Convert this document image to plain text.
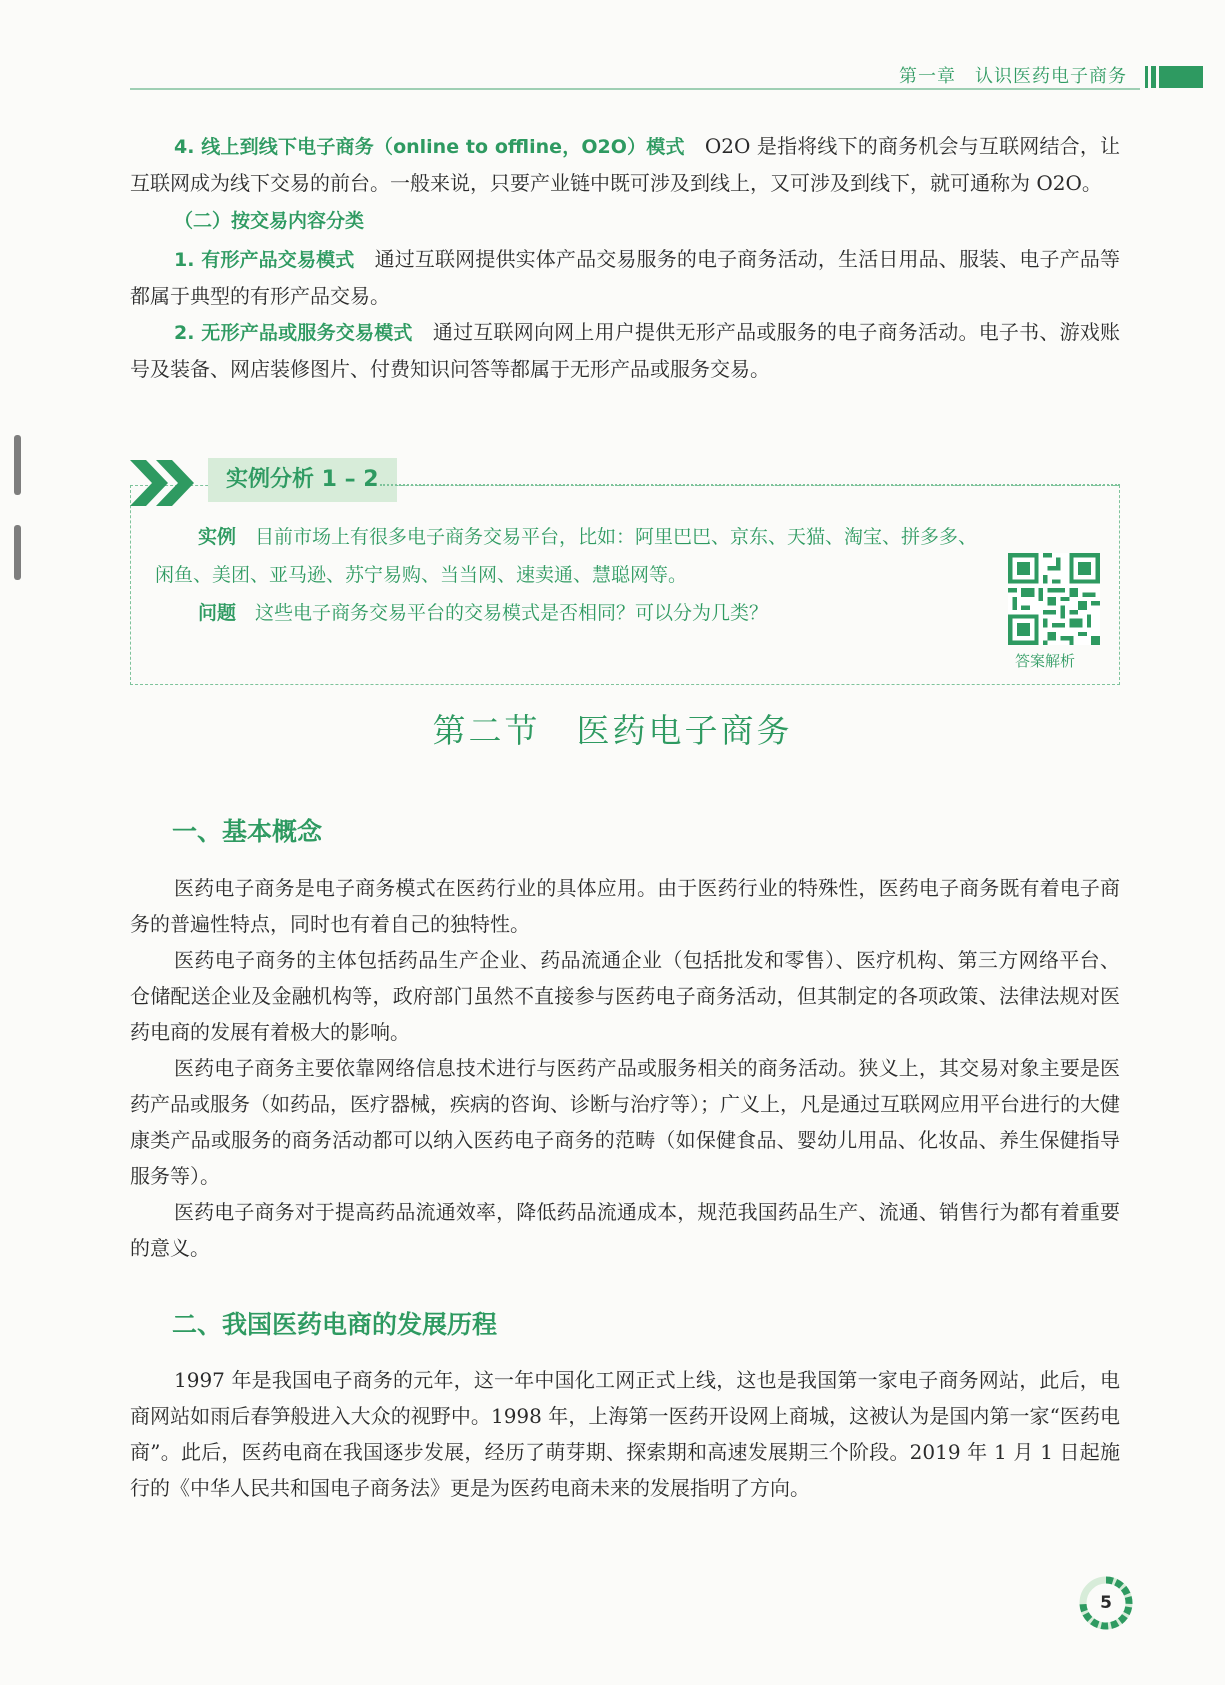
第一章　认识医药电子商务

4. 线上到线下电子商务（online to offline，O2O）模式　 O2O 是指将线下的商务机会与互联网结合，让互联网成为线下交易的前台。一般来说，只要产业链中既可涉及到线上，又可涉及到线下，就可通称为 O2O。

（二）按交易内容分类

1. 有形产品交易模式　 通过互联网提供实体产品交易服务的电子商务活动，生活日用品、服装、电子产品等都属于典型的有形产品交易。

2. 无形产品或服务交易模式　 通过互联网向网上用户提供无形产品或服务的电子商务活动。电子书、游戏账号及装备、网店装修图片、付费知识问答等都属于无形产品或服务交易。

实例分析 1 – 2
实例　 目前市场上有很多电子商务交易平台，比如：阿里巴巴、京东、天猫、淘宝、拼多多、
闲鱼、美团、亚马逊、苏宁易购、当当网、速卖通、慧聪网等。
问题　 这些电子商务交易平台的交易模式是否相同？可以分为几类？
答案解析
第二节　医药电子商务
一、基本概念

医药电子商务是电子商务模式在医药行业的具体应用。由于医药行业的特殊性，医药电子商务既有着电子商务的普遍性特点，同时也有着自己的独特性。

医药电子商务的主体包括药品生产企业、药品流通企业（包括批发和零售）、医疗机构、第三方网络平台、仓储配送企业及金融机构等，政府部门虽然不直接参与医药电子商务活动，但其制定的各项政策、法律法规对医药电商的发展有着极大的影响。

医药电子商务主要依靠网络信息技术进行与医药产品或服务相关的商务活动。狭义上，其交易对象主要是医药产品或服务（如药品，医疗器械，疾病的咨询、诊断与治疗等）；广义上，凡是通过互联网应用平台进行的大健康类产品或服务的商务活动都可以纳入医药电子商务的范畴（如保健食品、婴幼儿用品、化妆品、养生保健指导服务等）。

医药电子商务对于提高药品流通效率，降低药品流通成本，规范我国药品生产、流通、销售行为都有着重要的意义。

二、我国医药电商的发展历程

1997 年是我国电子商务的元年，这一年中国化工网正式上线，这也是我国第一家电子商务网站，此后，电商网站如雨后春笋般进入大众的视野中。1998 年，上海第一医药开设网上商城，这被认为是国内第一家“医药电商”。此后，医药电商在我国逐步发展，经历了萌芽期、探索期和高速发展期三个阶段。2019 年 1 月 1 日起施行的《中华人民共和国电子商务法》更是为医药电商未来的发展指明了方向。

5
